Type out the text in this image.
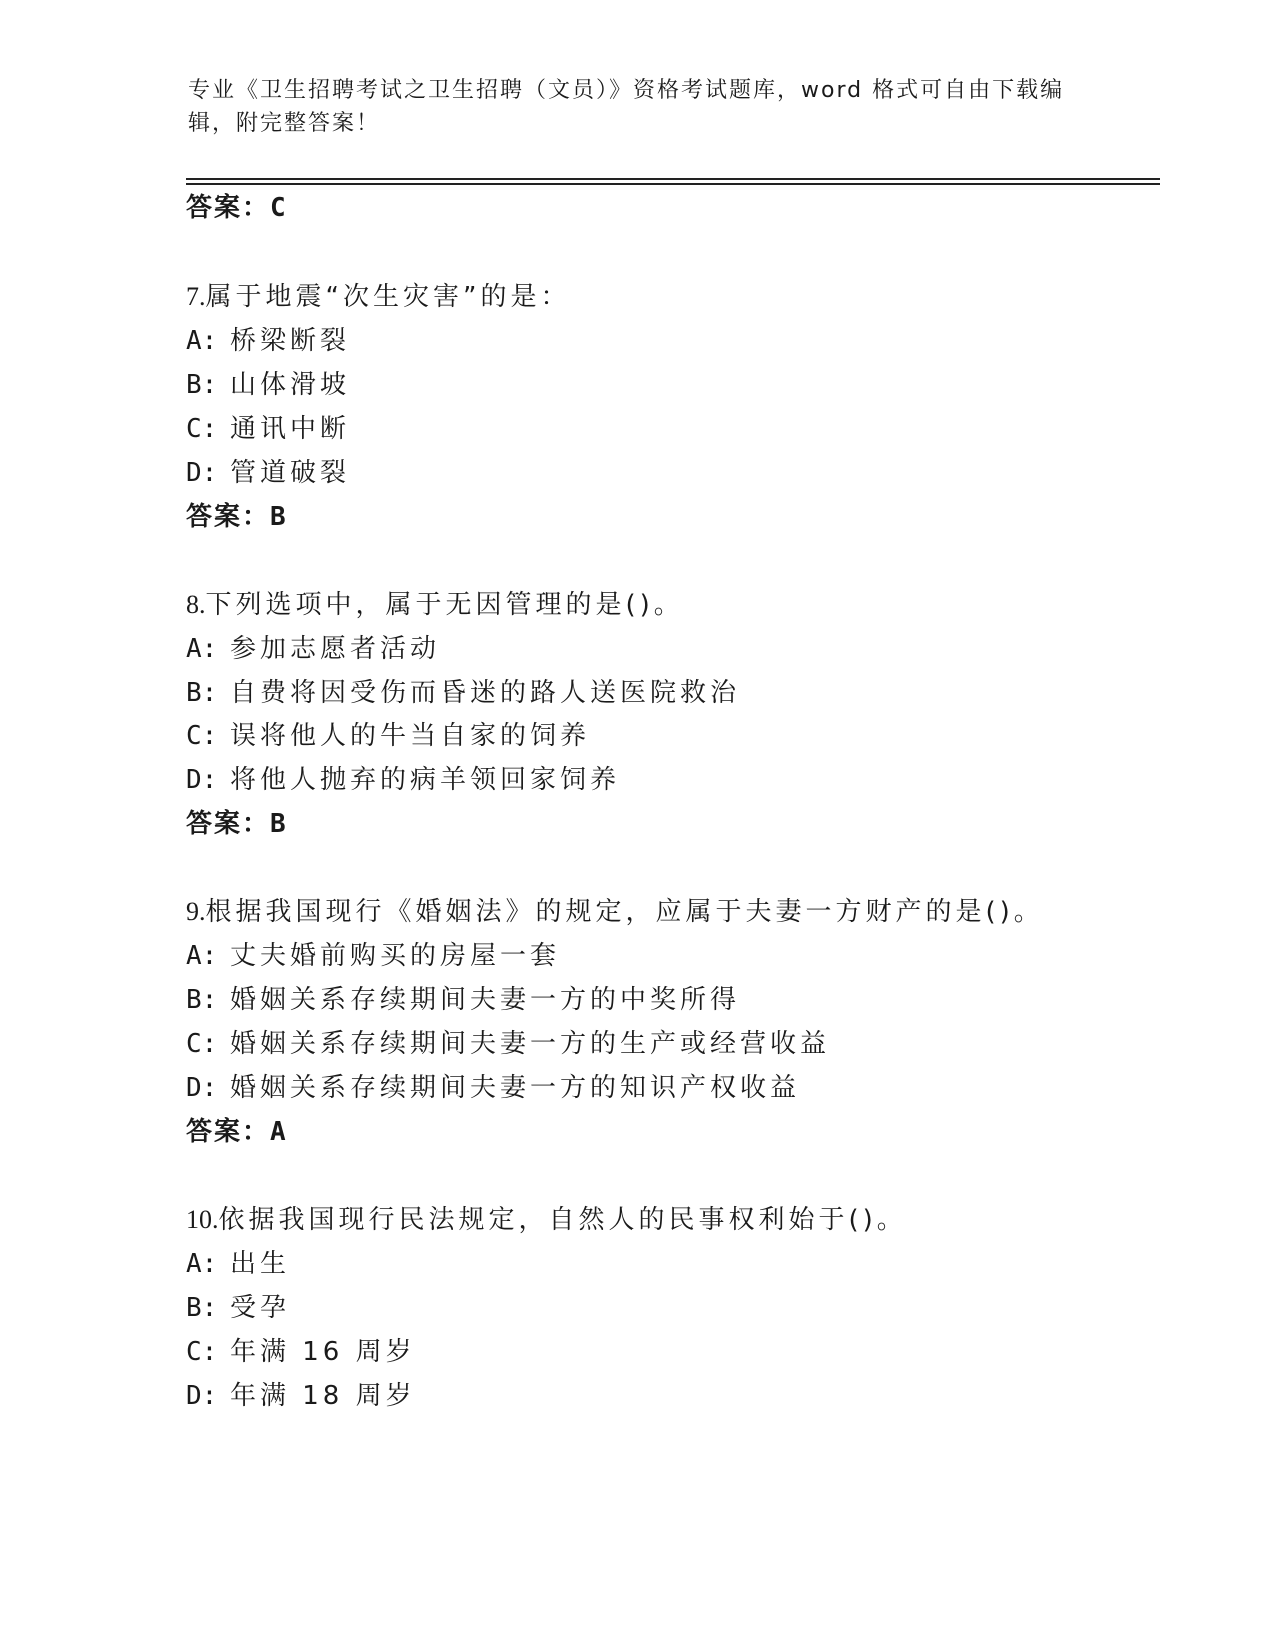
专业《卫生招聘考试之卫生招聘（文员）》资格考试题库，word 格式可自由下载编辑，附完整答案！
答案：C
7.属于地震“次生灾害”的是：
A: 桥梁断裂
B: 山体滑坡
C: 通讯中断
D: 管道破裂
答案：B
8.下列选项中，属于无因管理的是()。
A: 参加志愿者活动
B: 自费将因受伤而昏迷的路人送医院救治
C: 误将他人的牛当自家的饲养
D: 将他人抛弃的病羊领回家饲养
答案：B
9.根据我国现行《婚姻法》的规定，应属于夫妻一方财产的是()。
A: 丈夫婚前购买的房屋一套
B: 婚姻关系存续期间夫妻一方的中奖所得
C: 婚姻关系存续期间夫妻一方的生产或经营收益
D: 婚姻关系存续期间夫妻一方的知识产权收益
答案：A
10.依据我国现行民法规定，自然人的民事权利始于()。
A: 出生
B: 受孕
C: 年满 16 周岁
D: 年满 18 周岁
